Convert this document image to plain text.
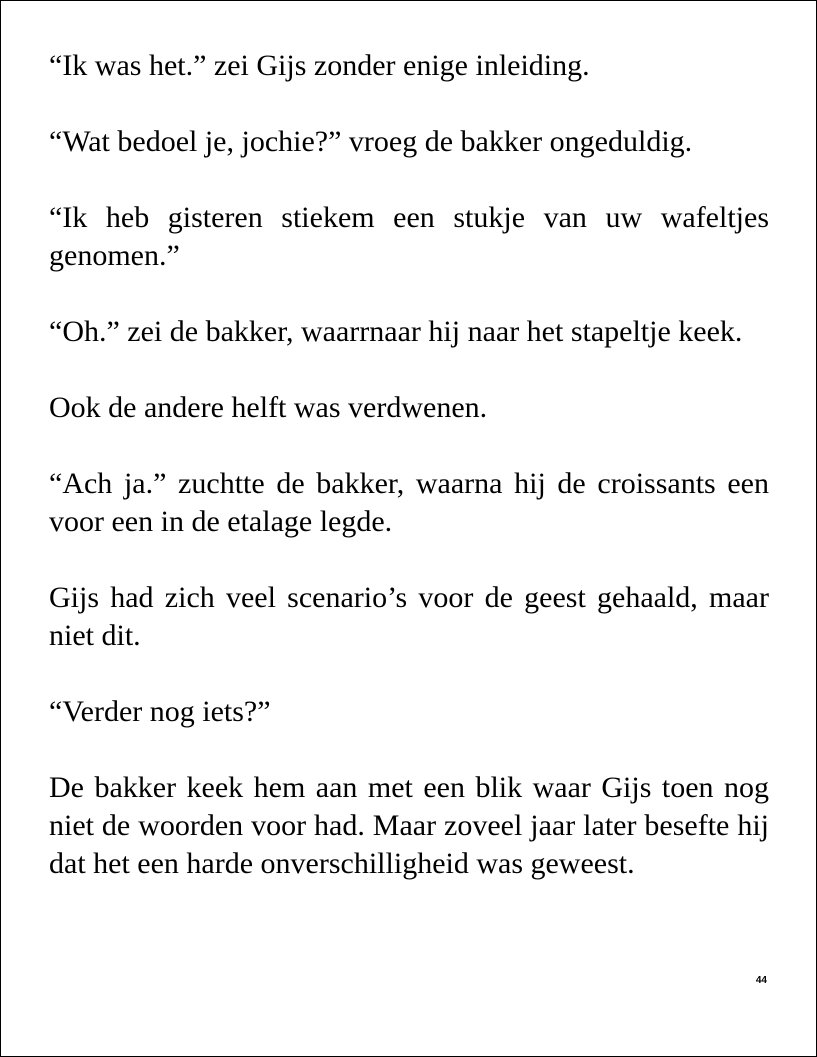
“Ik was het.” zei Gijs zonder enige inleiding.

“Wat bedoel je, jochie?” vroeg de bakker ongeduldig.

“Ik heb gisteren stiekem een stukje van uw wafeltjes genomen.”

“Oh.” zei de bakker, waarrnaar hij naar het stapeltje keek.

Ook de andere helft was verdwenen.

“Ach ja.” zuchtte de bakker, waarna hij de croissants een voor een in de etalage legde.

Gijs had zich veel scenario’s voor de geest gehaald, maar niet dit.

“Verder nog iets?”

De bakker keek hem aan met een blik waar Gijs toen nog niet de woorden voor had. Maar zoveel jaar later besefte hij dat het een harde onverschilligheid was geweest.

44
